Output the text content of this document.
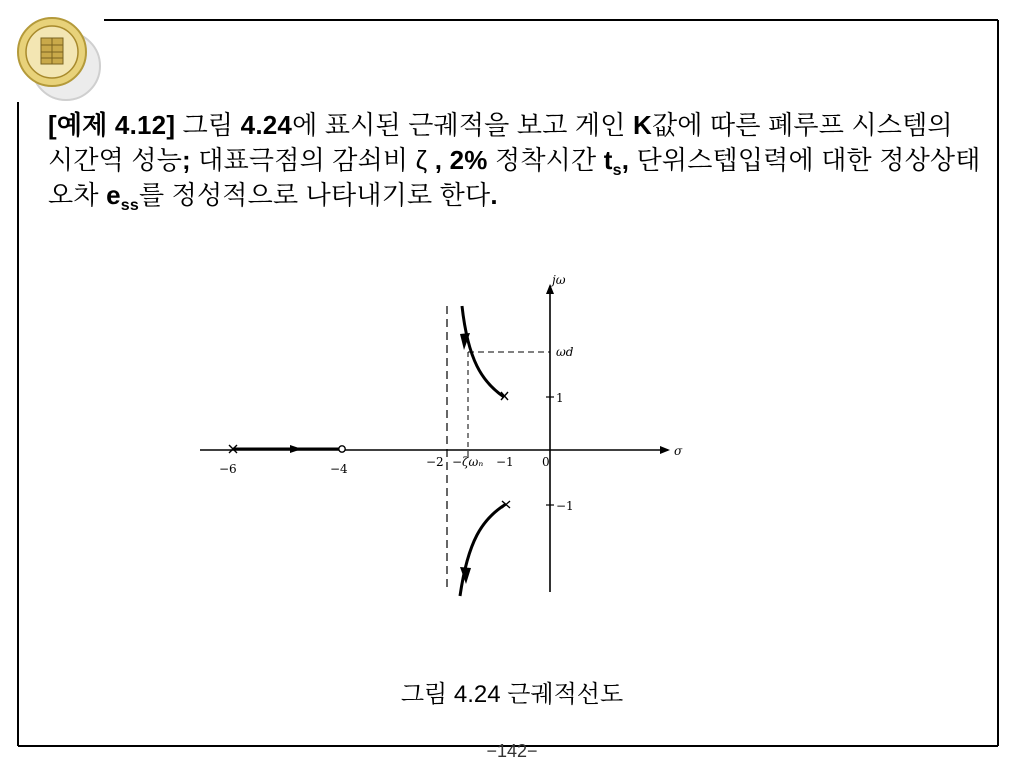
[예제 4.12] 그림 4.24에 표시된 근궤적을 보고 게인 K값에 따른 폐루프 시스템의 시간역 성능; 대표극점의 감쇠비 ζ , 2% 정착시간 $t_s$, 단위스텝입력에 대한 정상상태오차 $e_{ss}$를 정성적으로 나타내기로 한다.
jω
σ
ωd
1
−1
−6	−4	−2 −ζωₙ −1 0
그림 4.24 근궤적선도
−142−
